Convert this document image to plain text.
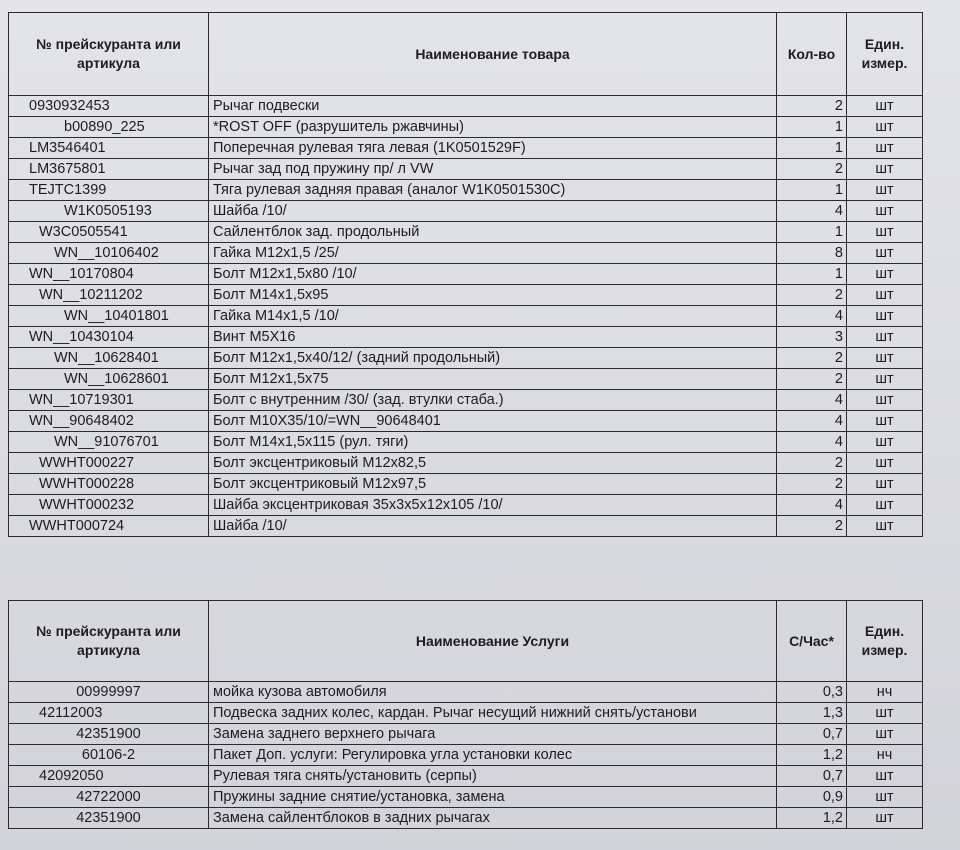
№ прейскуранта или артикула	Наименование товара	Кол-во	Един. измер.
0930932453	Рычаг подвески	2	шт
b00890_225	*ROST OFF (разрушитель ржавчины)	1	шт
LM3546401	Поперечная рулевая тяга левая (1K0501529F)	1	шт
LM3675801	Рычаг зад под пружину пр/ л VW	2	шт
TEJTC1399	Тяга рулевая задняя правая (аналог W1K0501530C)	1	шт
W1K0505193	Шайба /10/	4	шт
W3C0505541	Сайлентблок зад. продольный	1	шт
WN__10106402	Гайка M12x1,5 /25/	8	шт
WN__10170804	Болт M12x1,5x80 /10/	1	шт
WN__10211202	Болт M14x1,5x95	2	шт
WN__10401801	Гайка M14x1,5 /10/	4	шт
WN__10430104	Винт M5X16	3	шт
WN__10628401	Болт M12x1,5x40/12/ (задний продольный)	2	шт
WN__10628601	Болт M12x1,5x75	2	шт
WN__10719301	Болт с внутренним /30/ (зад. втулки стаба.)	4	шт
WN__90648402	Болт M10X35/10/=WN__90648401	4	шт
WN__91076701	Болт M14x1,5x115 (рул. тяги)	4	шт
WWHT000227	Болт эксцентриковый M12x82,5	2	шт
WWHT000228	Болт эксцентриковый M12x97,5	2	шт
WWHT000232	Шайба эксцентриковая 35x3x5x12x105 /10/	4	шт
WWHT000724	Шайба /10/	2	шт
№ прейскуранта или артикула	Наименование Услуги	С/Час*	Един. измер.
00999997	мойка кузова автомобиля	0,3	нч
42112003	Подвеска задних колес, кардан. Рычаг несущий нижний снять/установи	1,3	шт
42351900	Замена заднего верхнего рычага	0,7	шт
60106-2	Пакет Доп. услуги: Регулировка угла установки колес	1,2	нч
42092050	Рулевая тяга снять/установить (серпы)	0,7	шт
42722000	Пружины задние снятие/установка, замена	0,9	шт
42351900	Замена сайлентблоков в задних рычагах	1,2	шт
